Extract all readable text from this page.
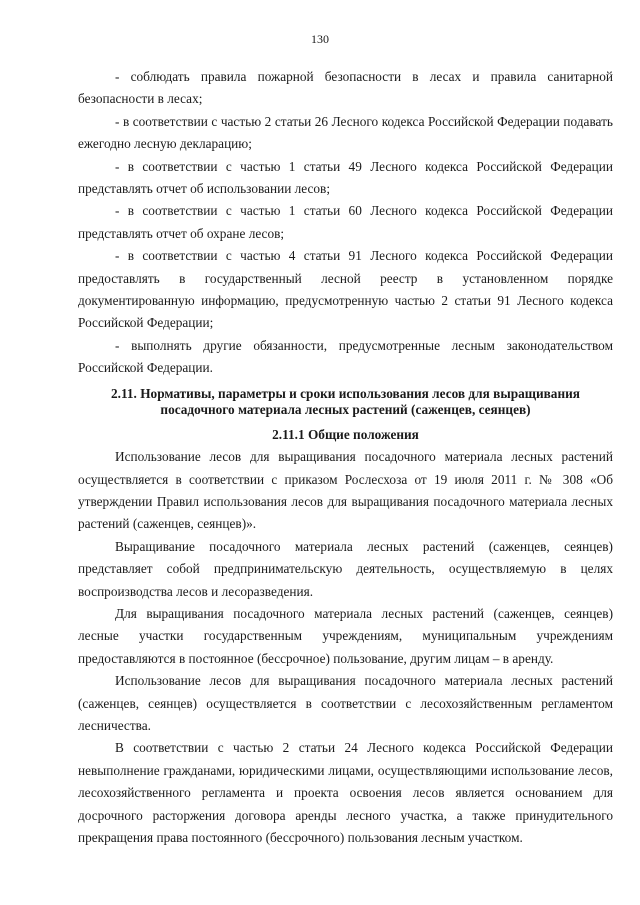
130

- соблюдать правила пожарной безопасности в лесах и правила санитарной безопасности в лесах;

- в соответствии с частью 2 статьи 26 Лесного кодекса Российской Федерации подавать ежегодно лесную декларацию;

- в соответствии с частью 1 статьи 49 Лесного кодекса Российской Федерации представлять отчет об использовании лесов;

- в соответствии с частью 1 статьи 60 Лесного кодекса Российской Федерации представлять отчет об охране лесов;

- в соответствии с частью 4 статьи 91 Лесного кодекса Российской Федерации предоставлять в государственный лесной реестр в установленном порядке документированную информацию, предусмотренную частью 2 статьи 91 Лесного кодекса Российской Федерации;

- выполнять другие обязанности, предусмотренные лесным законодательством Российской Федерации.

2.11. Нормативы, параметры и сроки использования лесов для выращивания посадочного материала лесных растений (саженцев, сеянцев)
2.11.1 Общие положения

Использование лесов для выращивания посадочного материала лесных растений осуществляется в соответствии с приказом Рослесхоза от 19 июля 2011 г. № 308 «Об утверждении Правил использования лесов для выращивания посадочного материала лесных растений (саженцев, сеянцев)».

Выращивание посадочного материала лесных растений (саженцев, сеянцев) представляет собой предпринимательскую деятельность, осуществляемую в целях воспроизводства лесов и лесоразведения.

Для выращивания посадочного материала лесных растений (саженцев, сеянцев) лесные участки государственным учреждениям, муниципальным учреждениям предоставляются в постоянное (бессрочное) пользование, другим лицам – в аренду.

Использование лесов для выращивания посадочного материала лесных растений (саженцев, сеянцев) осуществляется в соответствии с лесохозяйственным регламентом лесничества.

В соответствии с частью 2 статьи 24 Лесного кодекса Российской Федерации невыполнение гражданами, юридическими лицами, осуществляющими использование лесов, лесохозяйственного регламента и проекта освоения лесов является основанием для досрочного расторжения договора аренды лесного участка, а также принудительного прекращения права постоянного (бессрочного) пользования лесным участком.
